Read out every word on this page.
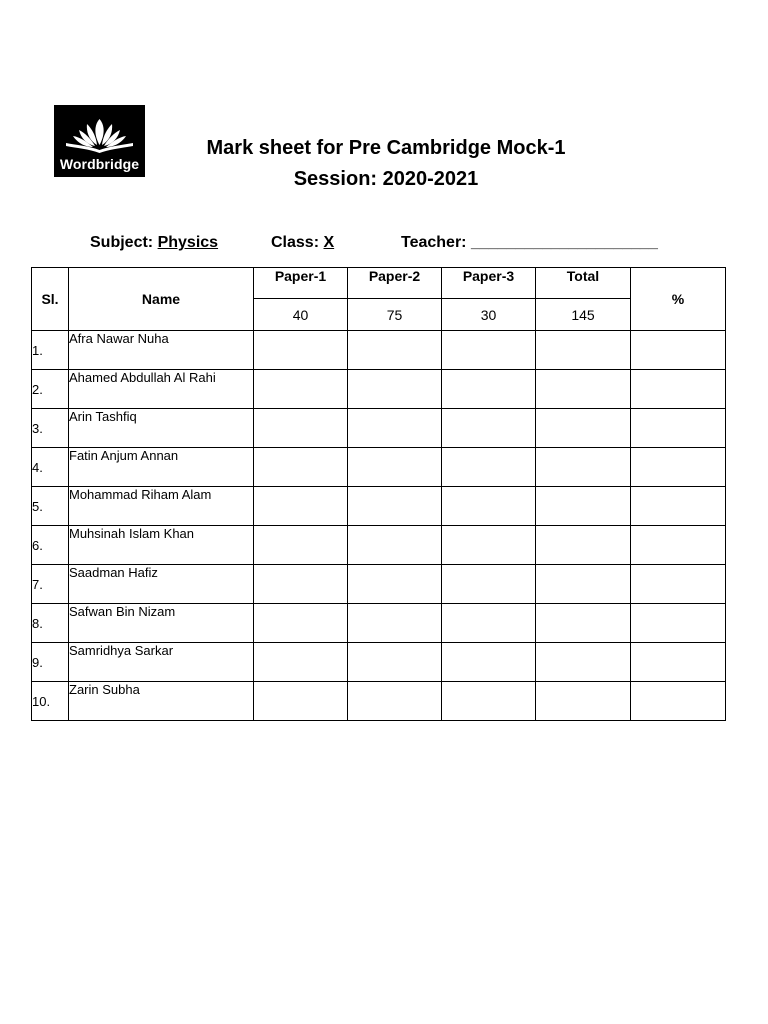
Wordbridge
Mark sheet for Pre Cambridge Mock-1
Session: 2020-2021
Subject: Physics	Class: X	Teacher: _____________________
Sl.	Name	Paper-1	Paper-2	Paper-3	Total	%
		40	75	30	145	
1.	Afra Nawar Nuha					
2.	Ahamed Abdullah Al Rahi					
3.	Arin Tashfiq					
4.	Fatin Anjum Annan					
5.	Mohammad Riham Alam					
6.	Muhsinah Islam Khan					
7.	Saadman Hafiz					
8.	Safwan Bin Nizam					
9.	Samridhya Sarkar					
10.	Zarin Subha					
